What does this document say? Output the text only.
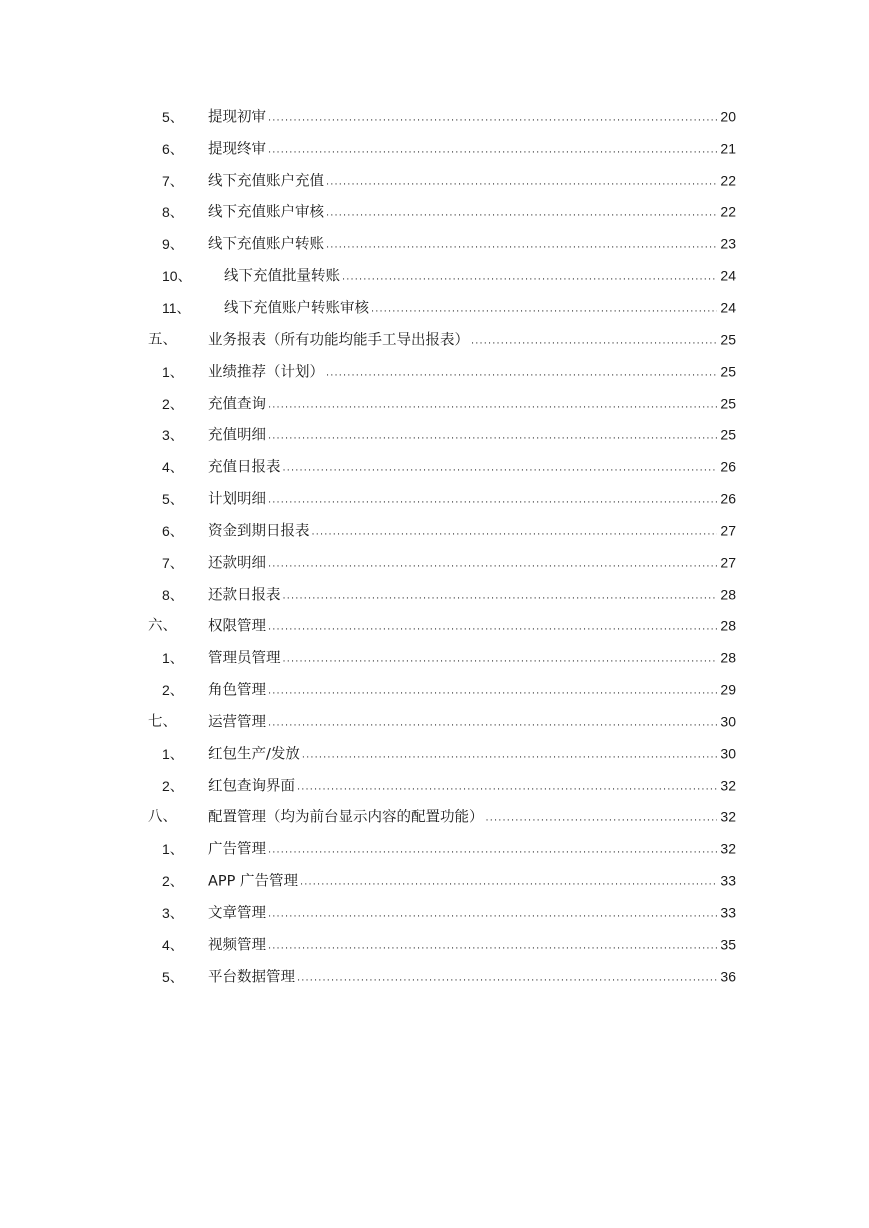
5、 提现初审 .....	20
6、 提现终审 .....	21
7、 线下充值账户充值 .....	22
8、 线下充值账户审核 .....	22
9、 线下充值账户转账 .....	23
10、 线下充值批量转账 .....	24
11、 线下充值账户转账审核 .....	24
五、 业务报表（所有功能均能手工导出报表） .....	25
1、 业绩推荐（计划） .....	25
2、 充值查询 .....	25
3、 充值明细 .....	25
4、 充值日报表 .....	26
5、 计划明细 .....	26
6、 资金到期日报表 .....	27
7、 还款明细 .....	27
8、 还款日报表 .....	28
六、 权限管理 .....	28
1、 管理员管理 .....	28
2、 角色管理 .....	29
七、 运营管理 .....	30
1、 红包生产/发放 .....	30
2、 红包查询界面 .....	32
八、 配置管理（均为前台显示内容的配置功能） .....	32
1、 广告管理 .....	32
2、 APP 广告管理 .....	33
3、 文章管理 .....	33
4、 视频管理 .....	35
5、 平台数据管理 .....	36
